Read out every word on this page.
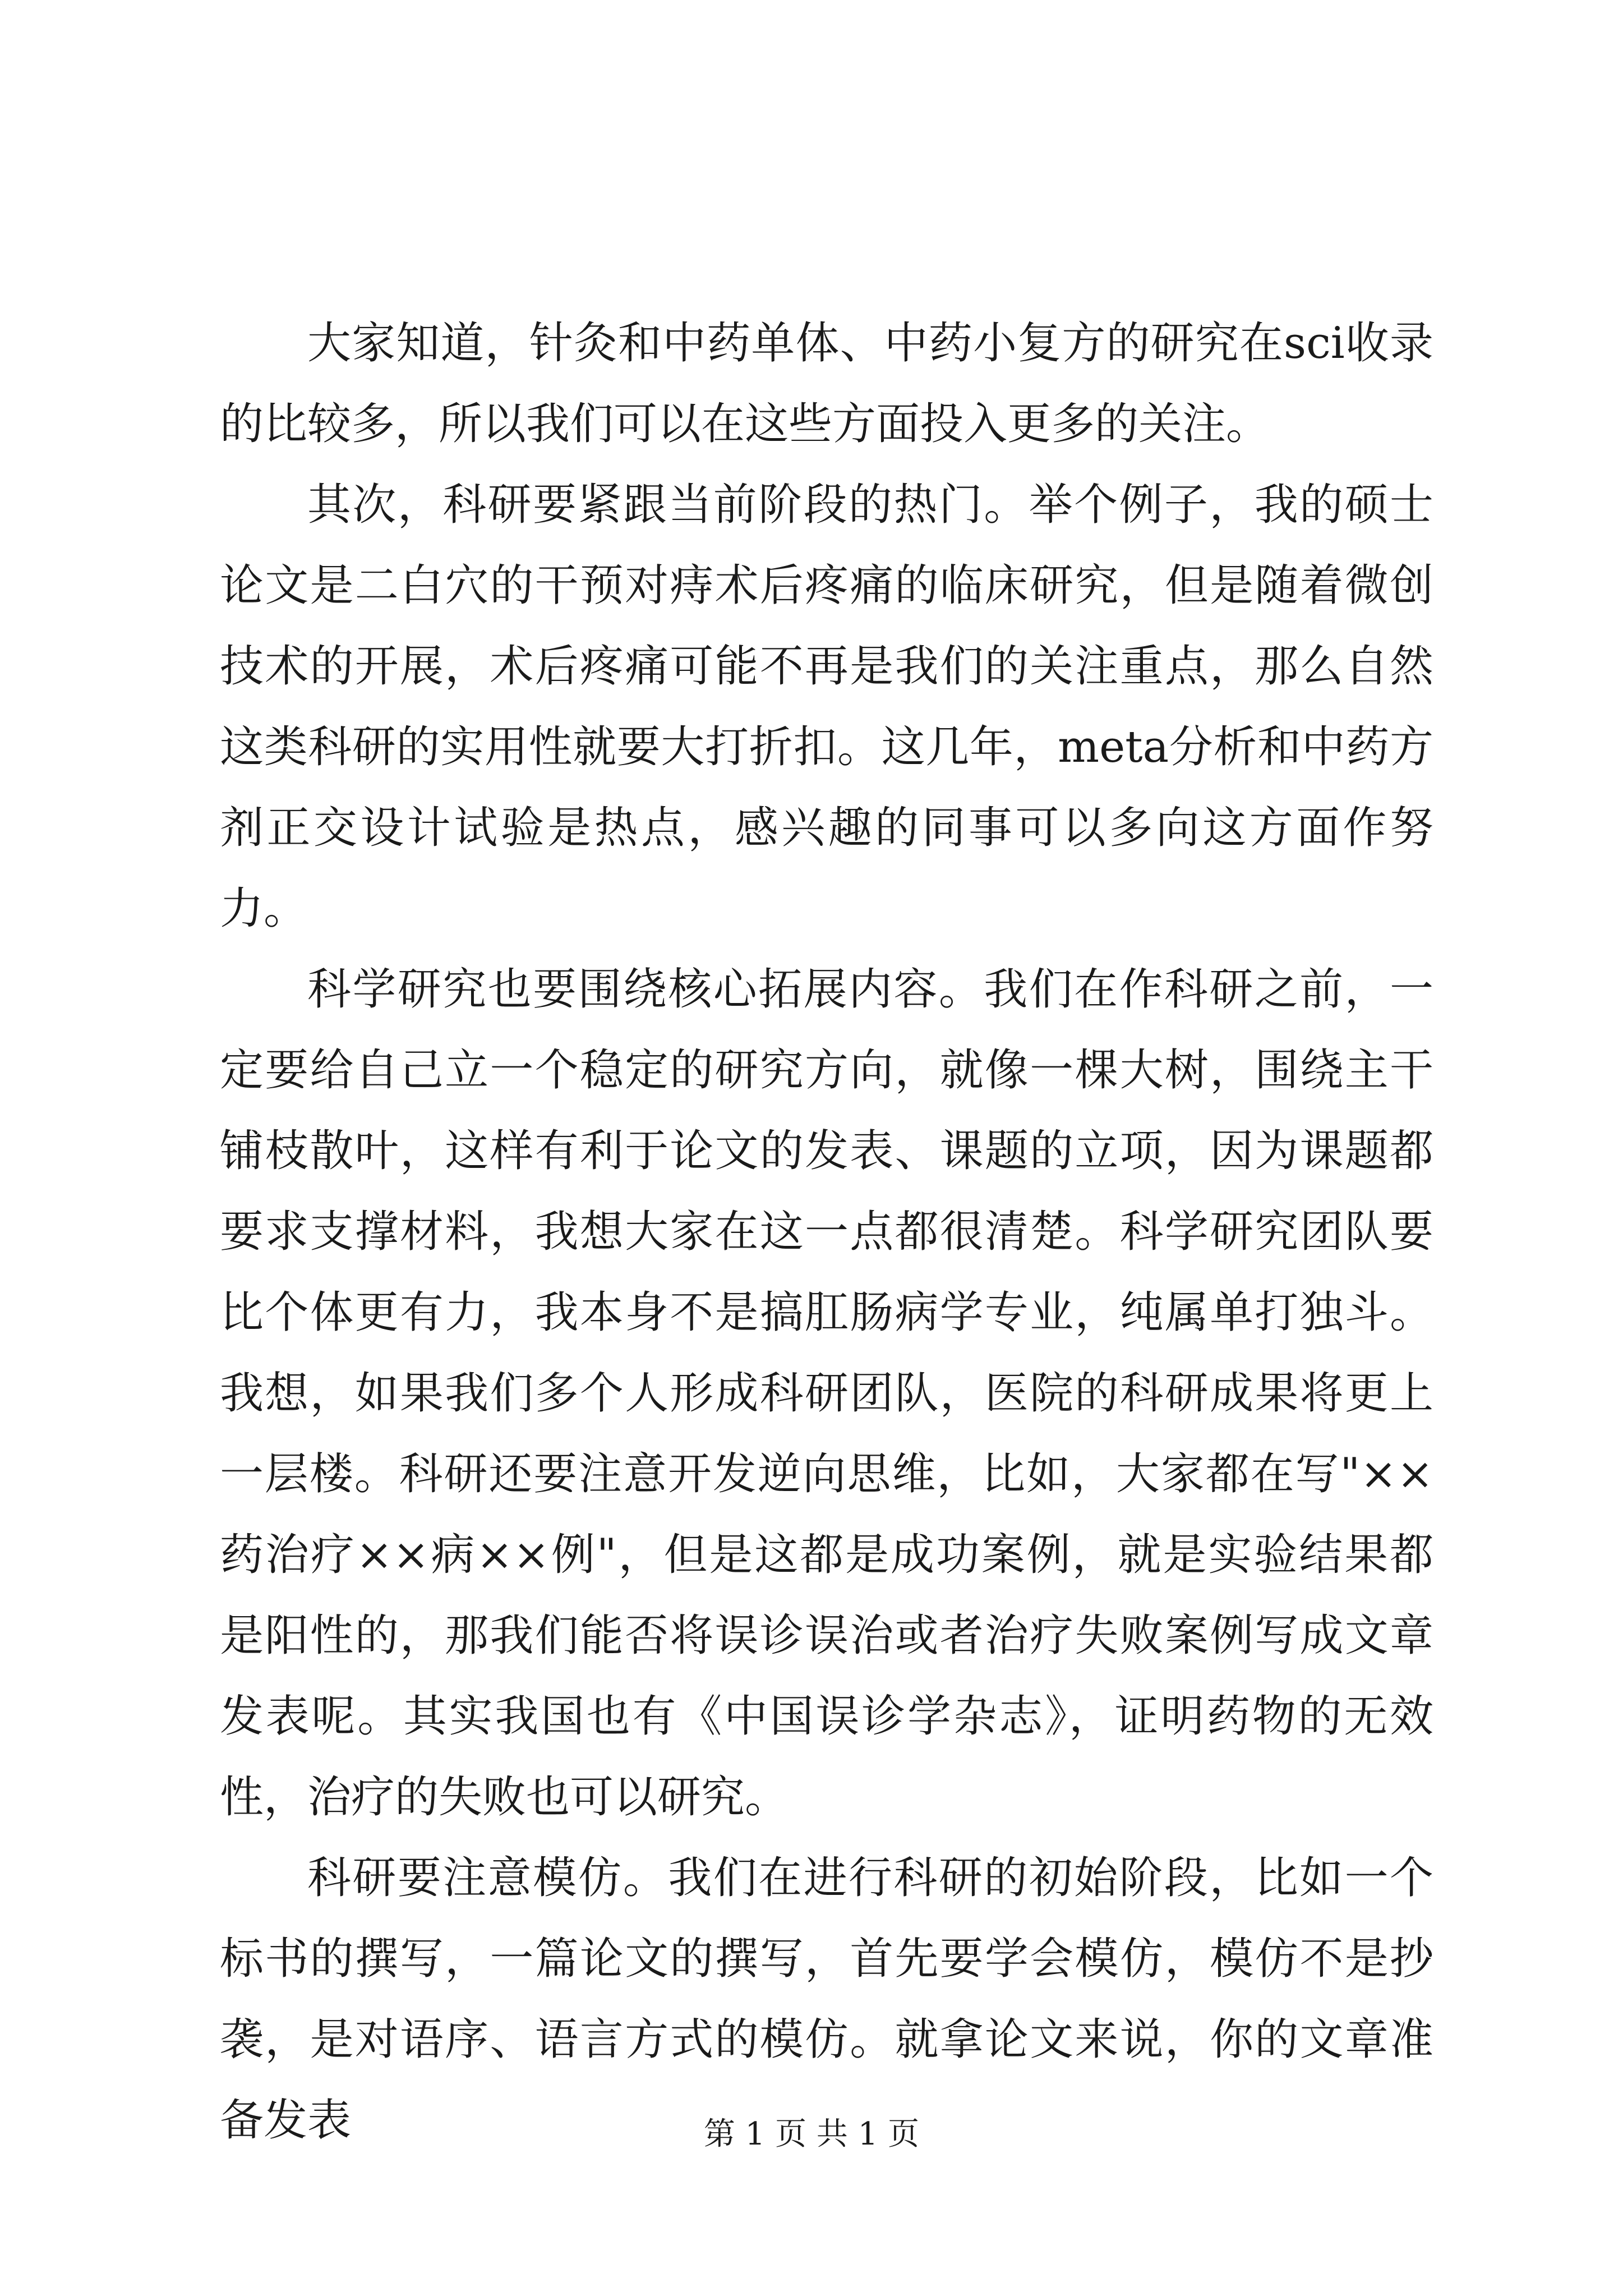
大家知道，针灸和中药单体、中药小复方的研究在sci收录的比较多，所以我们可以在这些方面投入更多的关注。

其次，科研要紧跟当前阶段的热门。举个例子，我的硕士论文是二白穴的干预对痔术后疼痛的临床研究，但是随着微创技术的开展，术后疼痛可能不再是我们的关注重点，那么自然这类科研的实用性就要大打折扣。这几年，meta分析和中药方剂正交设计试验是热点，感兴趣的同事可以多向这方面作努力。

科学研究也要围绕核心拓展内容。我们在作科研之前，一定要给自己立一个稳定的研究方向，就像一棵大树，围绕主干铺枝散叶，这样有利于论文的发表、课题的立项，因为课题都要求支撑材料，我想大家在这一点都很清楚。科学研究团队要比个体更有力，我本身不是搞肛肠病学专业，纯属单打独斗。我想，如果我们多个人形成科研团队，医院的科研成果将更上一层楼。科研还要注意开发逆向思维，比如，大家都在写"××药治疗××病××例"，但是这都是成功案例，就是实验结果都是阳性的，那我们能否将误诊误治或者治疗失败案例写成文章发表呢。其实我国也有《中国误诊学杂志》，证明药物的无效性，治疗的失败也可以研究。

科研要注意模仿。我们在进行科研的初始阶段，比如一个标书的撰写，一篇论文的撰写，首先要学会模仿，模仿不是抄袭，是对语序、语言方式的模仿。就拿论文来说，你的文章准备发表	第 1 页 共 1 页
